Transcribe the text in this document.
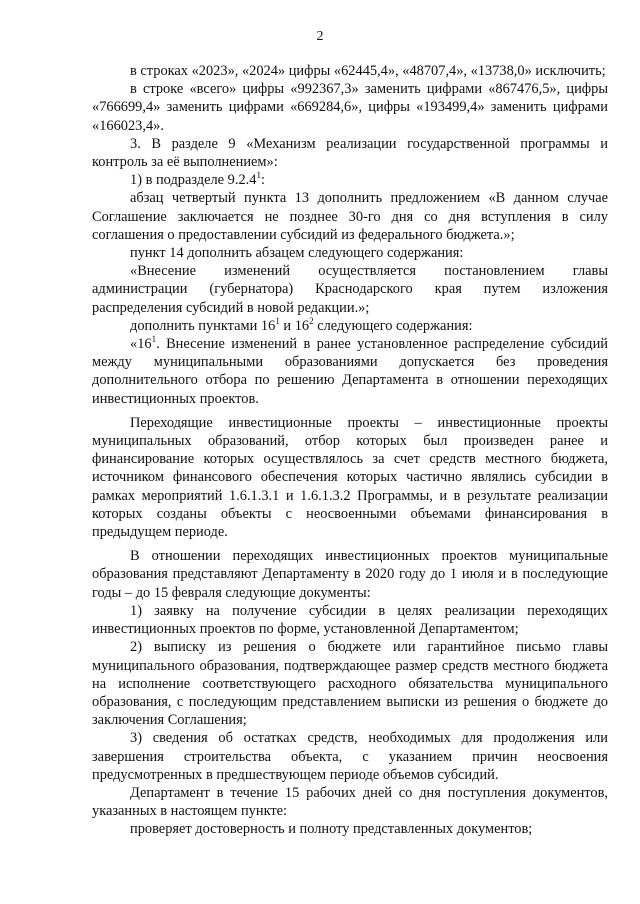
2

в строках «2023», «2024» цифры «62445,4», «48707,4», «13738,0» исключить;

в строке «всего» цифры «992367,3» заменить цифрами «867476,5», цифры «766699,4» заменить цифрами «669284,6», цифры «193499,4» заменить цифрами «166023,4».

3. В разделе 9 «Механизм реализации государственной программы и контроль за её выполнением»:

1) в подразделе 9.2.4$^1$:

абзац четвертый пункта 13 дополнить предложением «В данном случае Соглашение заключается не позднее 30-го дня со дня вступления в силу соглашения о предоставлении субсидий из федерального бюджета.»;

пункт 14 дополнить абзацем следующего содержания:

«Внесение изменений осуществляется постановлением главы администрации (губернатора) Краснодарского края путем изложения распределения субсидий в новой редакции.»;

дополнить пунктами $16^1$ и $16^2$ следующего содержания:

«$16^1$. Внесение изменений в ранее установленное распределение субсидий между муниципальными образованиями допускается без проведения дополнительного отбора по решению Департамента в отношении переходящих инвестиционных проектов.

Переходящие инвестиционные проекты – инвестиционные проекты муниципальных образований, отбор которых был произведен ранее и финансирование которых осуществлялось за счет средств местного бюджета, источником финансового обеспечения которых частично являлись субсидии в рамках мероприятий 1.6.1.3.1 и 1.6.1.3.2 Программы, и в результате реализации которых созданы объекты с неосвоенными объемами финансирования в предыдущем периоде.

В отношении переходящих инвестиционных проектов муниципальные образования представляют Департаменту в 2020 году до 1 июля и в последующие годы – до 15 февраля следующие документы:

1) заявку на получение субсидии в целях реализации переходящих инвестиционных проектов по форме, установленной Департаментом;

2) выписку из решения о бюджете или гарантийное письмо главы муниципального образования, подтверждающее размер средств местного бюджета на исполнение соответствующего расходного обязательства муниципального образования, с последующим представлением выписки из решения о бюджете до заключения Соглашения;

3) сведения об остатках средств, необходимых для продолжения или завершения строительства объекта, с указанием причин неосвоения предусмотренных в предшествующем периоде объемов субсидий.

Департамент в течение 15 рабочих дней со дня поступления документов, указанных в настоящем пункте:

проверяет достоверность и полноту представленных документов;
